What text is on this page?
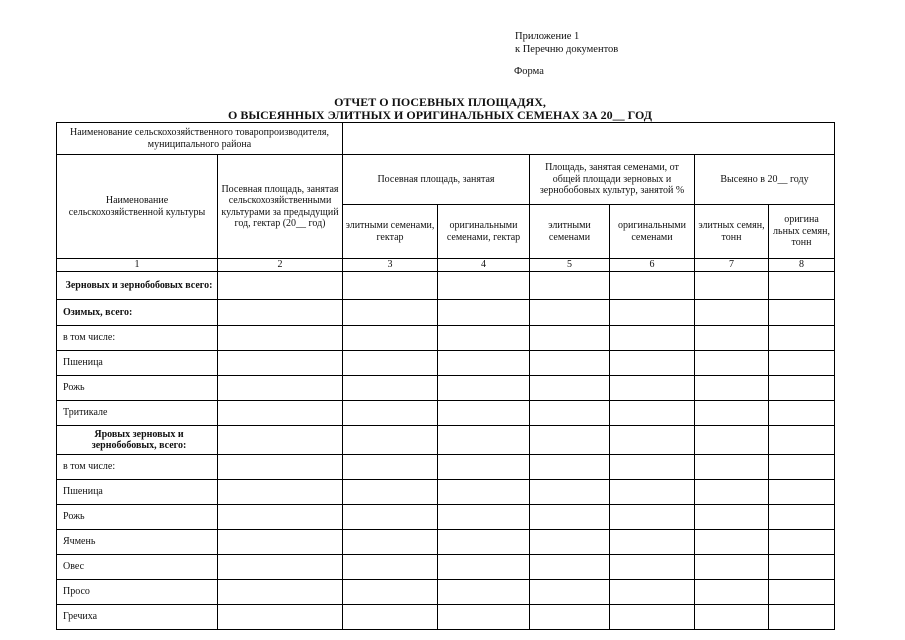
Приложение 1
к Перечню документов
Форма
ОТЧЕТ О ПОСЕВНЫХ ПЛОЩАДЯХ,
О ВЫСЕЯННЫХ ЭЛИТНЫХ И ОРИГИНАЛЬНЫХ СЕМЕНАХ ЗА 20__ ГОД
Наименование сельскохозяйственного товаропроизводителя, муниципального района							
Наименование сельскохозяйственной культуры	Посевная площадь, занятая сельскохозяйственными культурами за предыдущий год, гектар (20__ год)	Посевная площадь, занятая		Площадь, занятая семенами, от общей площади зерновых и зернобобовых культур, занятой %		Высеяно в 20__ году	
		элитными семенами, гектар	оригинальными семенами, гектар	элитными семенами	оригинальными семенами	элитных семян, тонн	оригина льных семян, тонн
1	2	3	4	5	6	7	8
Зерновых и зернобобовых всего:							
Озимых, всего:							
в том числе:							
Пшеница							
Рожь							
Тритикале							
Яровых зерновых и зернобобовых, всего:							
в том числе:							
Пшеница							
Рожь							
Ячмень							
Овес							
Просо							
Гречиха							
